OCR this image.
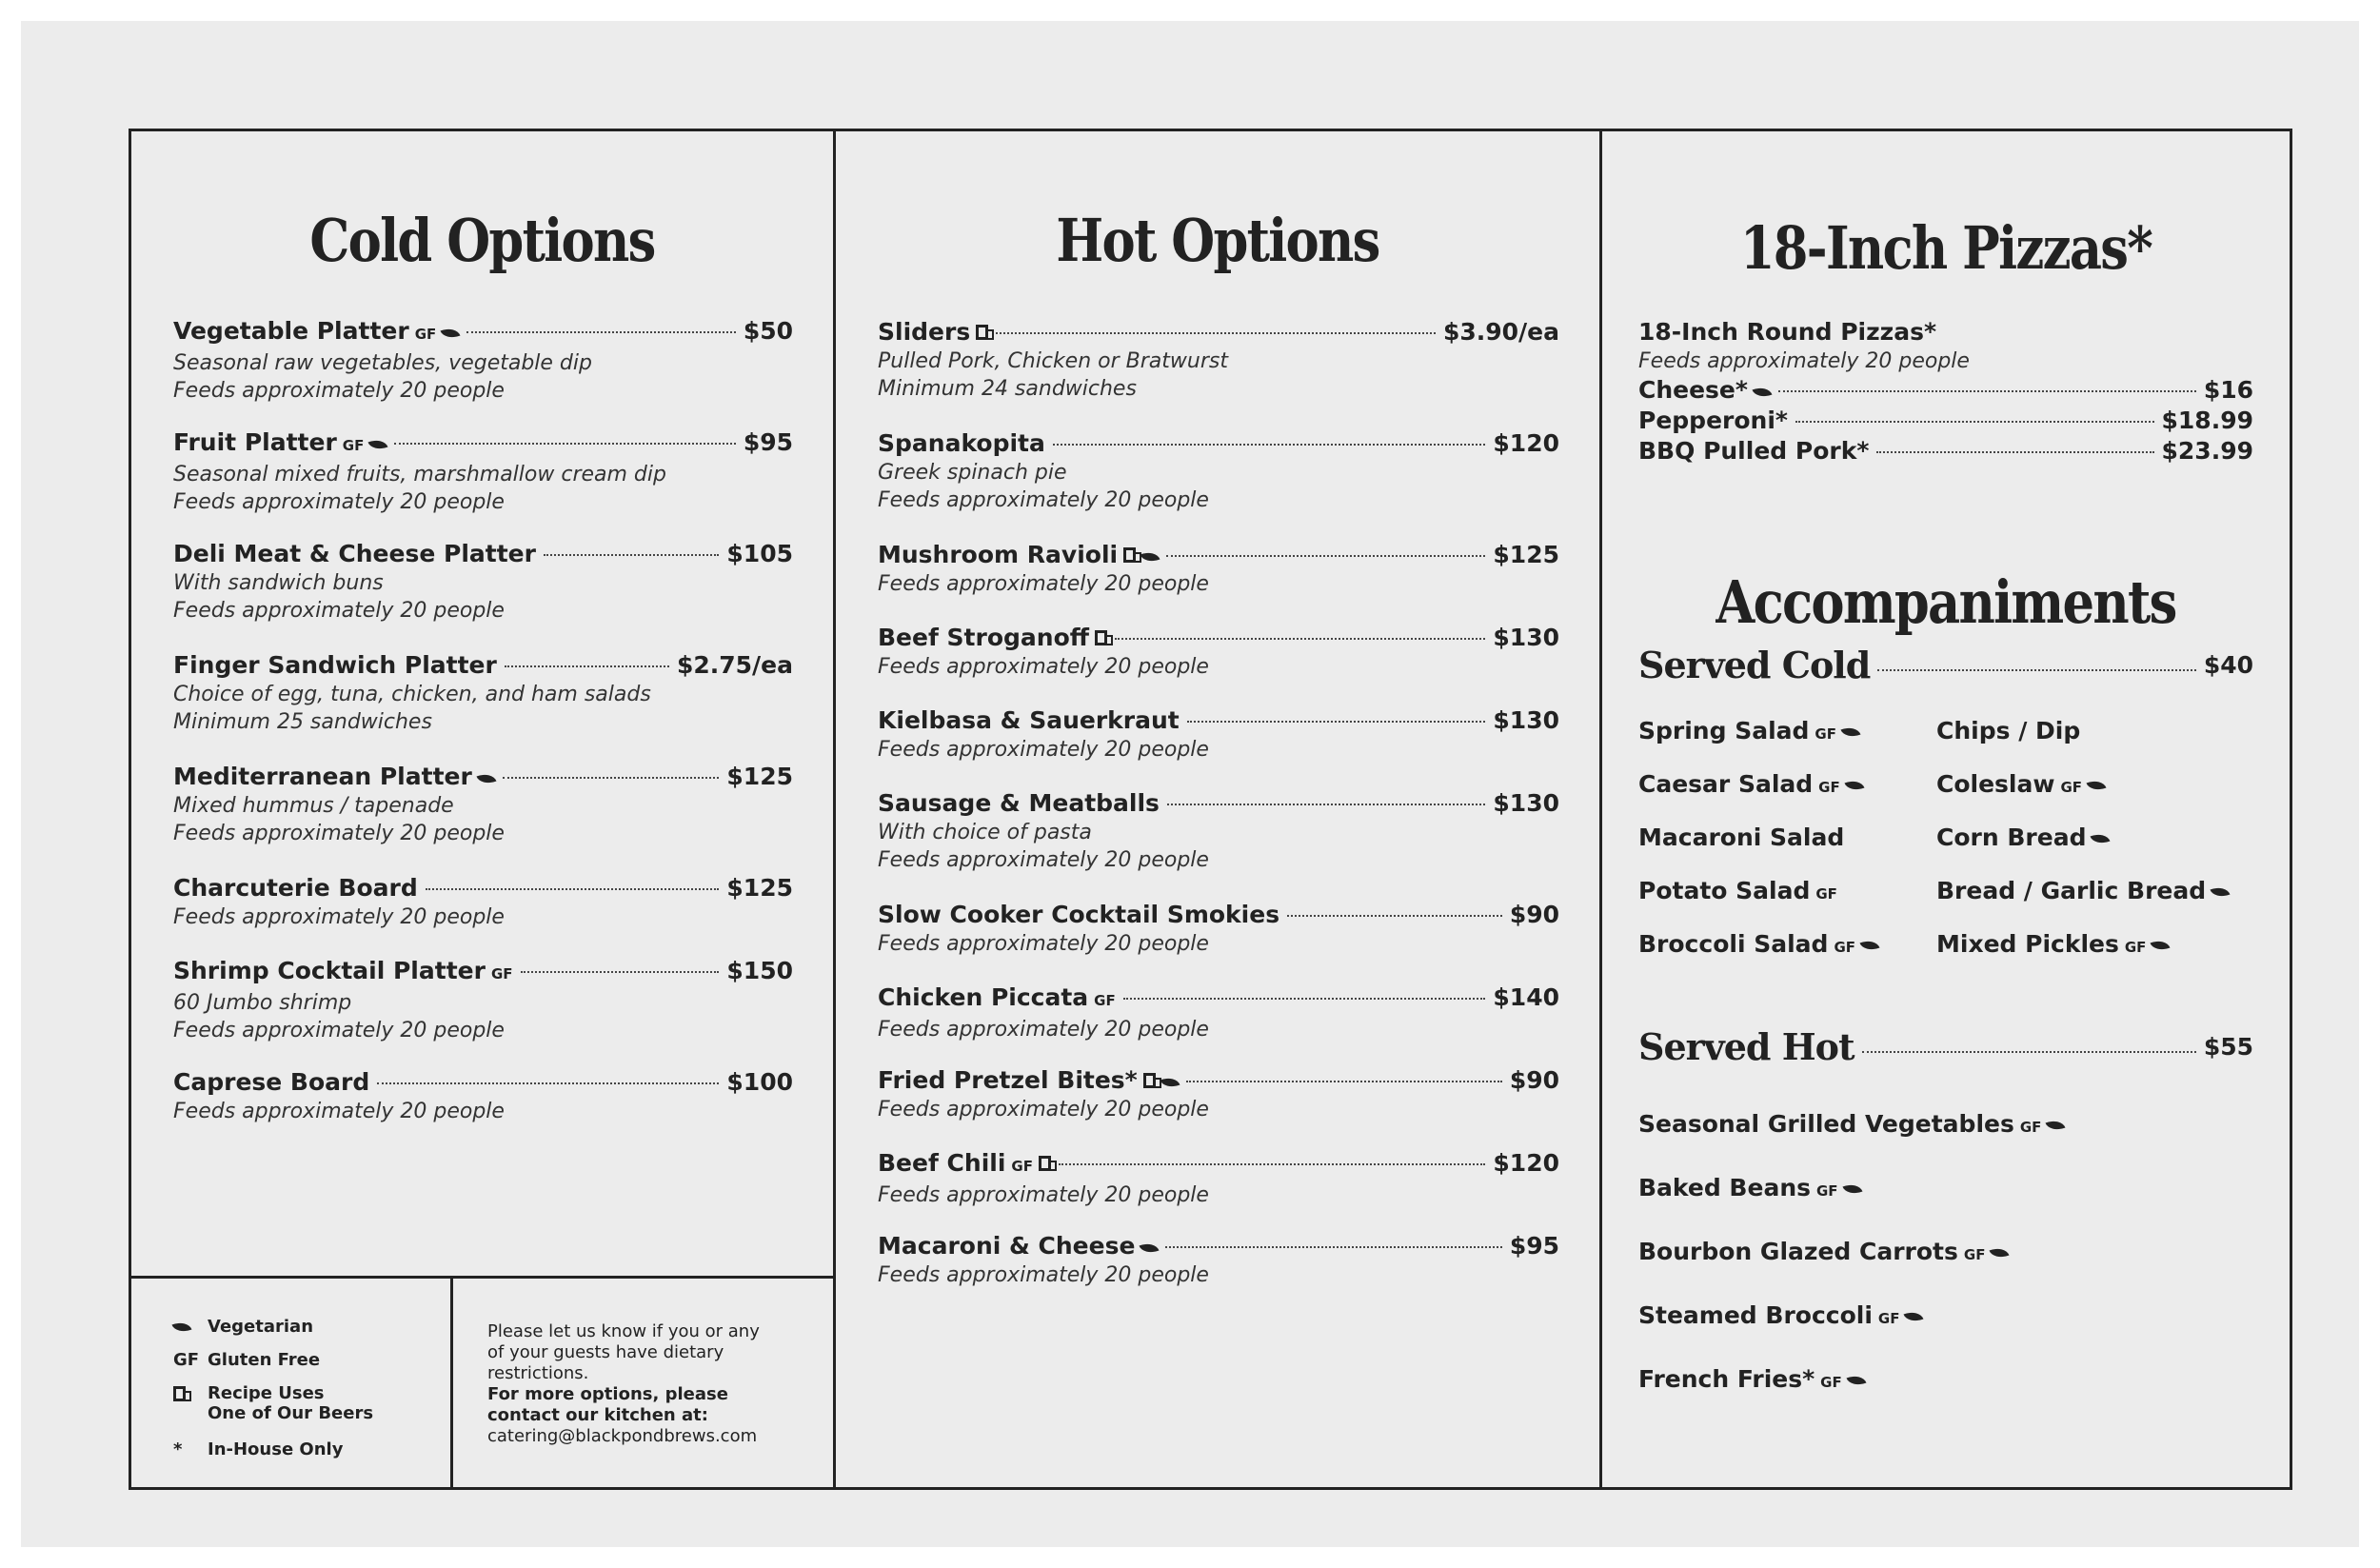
Cold Options
Vegetable Platter GF	$50
Seasonal raw vegetables, vegetable dip
Feeds approximately 20 people
Fruit Platter GF	$95
Seasonal mixed fruits, marshmallow cream dip
Feeds approximately 20 people
Deli Meat & Cheese Platter	$105
With sandwich buns
Feeds approximately 20 people
Finger Sandwich Platter	$2.75/ea
Choice of egg, tuna, chicken, and ham salads
Minimum 25 sandwiches
Mediterranean Platter	$125
Mixed hummus / tapenade
Feeds approximately 20 people
Charcuterie Board	$125
Feeds approximately 20 people
Shrimp Cocktail Platter GF	$150
60 Jumbo shrimp
Feeds approximately 20 people
Caprese Board	$100
Feeds approximately 20 people
Vegetarian
GF Gluten Free
Recipe Uses
One of Our Beers
*	In-House Only
Please let us know if you or any of your guests have dietary restrictions.
For more options, please contact our kitchen at:
catering@blackpondbrews.com
Hot Options
Sliders	$3.90/ea
Pulled Pork, Chicken or Bratwurst
Minimum 24 sandwiches
Spanakopita	$120
Greek spinach pie
Feeds approximately 20 people
Mushroom Ravioli	$125
Feeds approximately 20 people
Beef Stroganoff	$130
Feeds approximately 20 people
Kielbasa & Sauerkraut	$130
Feeds approximately 20 people
Sausage & Meatballs	$130
With choice of pasta
Feeds approximately 20 people
Slow Cooker Cocktail Smokies	$90
Feeds approximately 20 people
Chicken Piccata GF	$140
Feeds approximately 20 people
Fried Pretzel Bites*	$90
Feeds approximately 20 people
Beef Chili GF	$120
Feeds approximately 20 people
Macaroni & Cheese	$95
Feeds approximately 20 people
18-Inch Pizzas*
18-Inch Round Pizzas*
Feeds approximately 20 people
Cheese*	$16
Pepperoni*	$18.99
BBQ Pulled Pork*	$23.99
Accompaniments
Served Cold	$40
Spring Salad GF	Chips / Dip
Caesar Salad GF	Coleslaw GF
Macaroni Salad	Corn Bread
Potato Salad GF	Bread / Garlic Bread
Broccoli Salad GF	Mixed Pickles GF
Served Hot	$55
Seasonal Grilled Vegetables GF
Baked Beans GF
Bourbon Glazed Carrots GF
Steamed Broccoli GF
French Fries* GF
